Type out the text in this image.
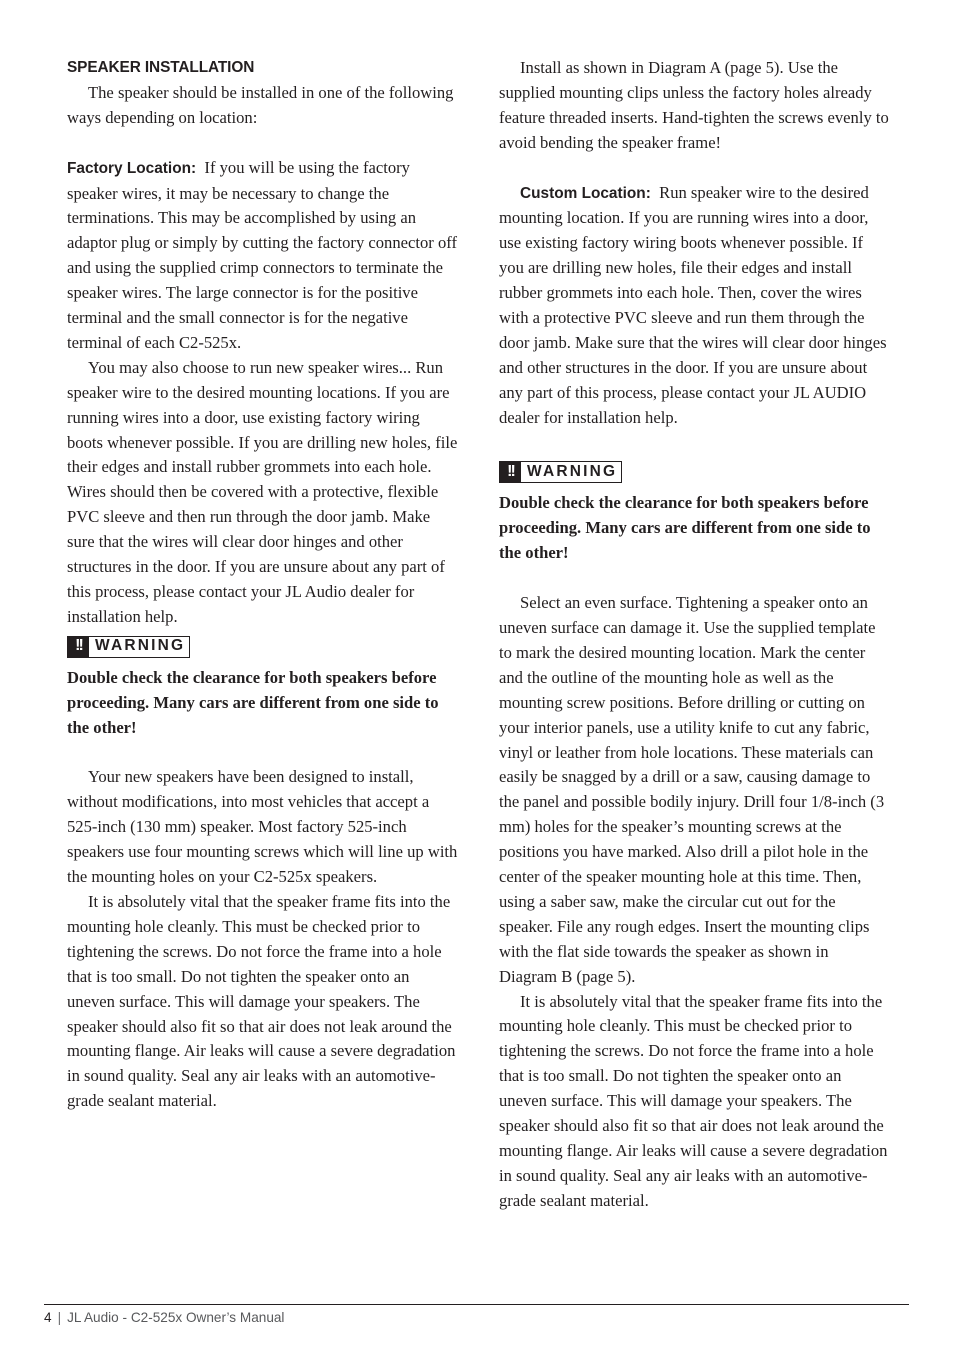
SPEAKER INSTALLATION

The speaker should be installed in one of the following ways depending on location:

Factory Location: If you will be using the factory speaker wires, it may be necessary to change the terminations. This may be accomplished by using an adaptor plug or simply by cutting the factory connector off and using the supplied crimp connectors to terminate the speaker wires. The large connector is for the positive terminal and the small connector is for the negative terminal of each C2-525x.

You may also choose to run new speaker wires... Run speaker wire to the desired mounting locations. If you are running wires into a door, use existing factory wiring boots whenever possible. If you are drilling new holes, file their edges and install rubber grommets into each hole. Wires should then be covered with a protective, flexible PVC sleeve and then run through the door jamb. Make sure that the wires will clear door hinges and other structures in the door. If you are unsure about any part of this process, please contact your JL Audio dealer for installation help.

!! WARNING

Double check the clearance for both speakers before proceeding. Many cars are different from one side to the other!

Your new speakers have been designed to install, without modifications, into most vehicles that accept a 525-inch (130 mm) speaker. Most factory 525-inch speakers use four mounting screws which will line up with the mounting holes on your C2-525x speakers.

It is absolutely vital that the speaker frame fits into the mounting hole cleanly. This must be checked prior to tightening the screws. Do not force the frame into a hole that is too small. Do not tighten the speaker onto an uneven surface. This will damage your speakers. The speaker should also fit so that air does not leak around the mounting flange. Air leaks will cause a severe degradation in sound quality. Seal any air leaks with an automotive-grade sealant material.

Install as shown in Diagram A (page 5). Use the supplied mounting clips unless the factory holes already feature threaded inserts. Hand-tighten the screws evenly to avoid bending the speaker frame!

Custom Location: Run speaker wire to the desired mounting location. If you are running wires into a door, use existing factory wiring boots whenever possible. If you are drilling new holes, file their edges and install rubber grommets into each hole. Then, cover the wires with a protective PVC sleeve and run them through the door jamb. Make sure that the wires will clear door hinges and other structures in the door. If you are unsure about any part of this process, please contact your JL AUDIO dealer for installation help.

!! WARNING

Double check the clearance for both speakers before proceeding. Many cars are different from one side to the other!

Select an even surface. Tightening a speaker onto an uneven surface can damage it. Use the supplied template to mark the desired mounting location. Mark the center and the outline of the mounting hole as well as the mounting screw positions. Before drilling or cutting on your interior panels, use a utility knife to cut any fabric, vinyl or leather from hole locations. These materials can easily be snagged by a drill or a saw, causing damage to the panel and possible bodily injury. Drill four 1/8-inch (3 mm) holes for the speaker’s mounting screws at the positions you have marked. Also drill a pilot hole in the center of the speaker mounting hole at this time. Then, using a saber saw, make the circular cut out for the speaker. File any rough edges. Insert the mounting clips with the flat side towards the speaker as shown in Diagram B (page 5).

It is absolutely vital that the speaker frame fits into the mounting hole cleanly. This must be checked prior to tightening the screws. Do not force the frame into a hole that is too small. Do not tighten the speaker onto an uneven surface. This will damage your speakers. The speaker should also fit so that air does not leak around the mounting flange. Air leaks will cause a severe degradation in sound quality. Seal any air leaks with an automotive-grade sealant material.

4 | JL Audio - C2-525x Owner’s Manual
